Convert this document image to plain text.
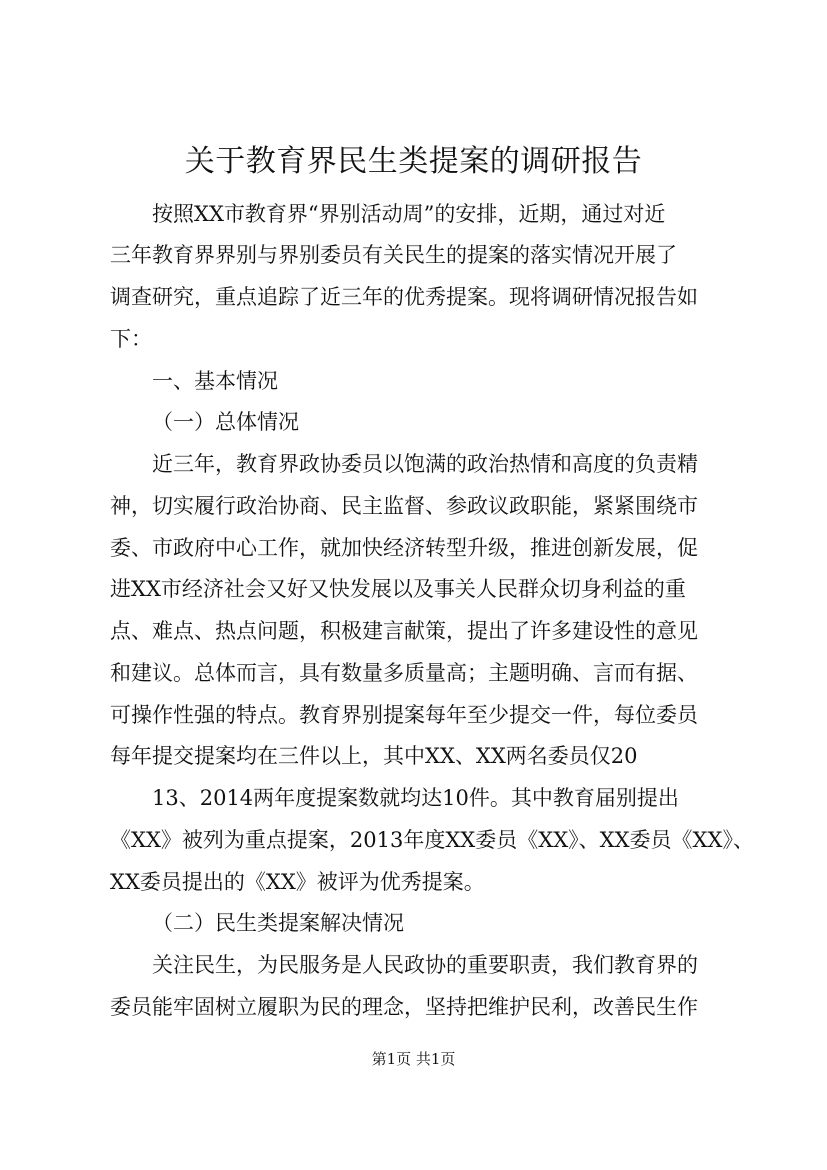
关于教育界民生类提案的调研报告
按照XX市教育界“界别活动周”的安排，近期，通过对近
三年教育界界别与界别委员有关民生的提案的落实情况开展了
调查研究，重点追踪了近三年的优秀提案。现将调研情况报告如
下：
一、基本情况
（一）总体情况
近三年，教育界政协委员以饱满的政治热情和高度的负责精
神，切实履行政治协商、民主监督、参政议政职能，紧紧围绕市
委、市政府中心工作，就加快经济转型升级，推进创新发展，促
进XX市经济社会又好又快发展以及事关人民群众切身利益的重
点、难点、热点问题，积极建言献策，提出了许多建设性的意见
和建议。总体而言，具有数量多质量高；主题明确、言而有据、
可操作性强的特点。教育界别提案每年至少提交一件，每位委员
每年提交提案均在三件以上，其中XX、XX两名委员仅20
13、2014两年度提案数就均达10件。其中教育届别提出
《XX》被列为重点提案，2013年度XX委员《XX》、XX委员《XX》、
XX委员提出的《XX》被评为优秀提案。
（二）民生类提案解决情况
关注民生，为民服务是人民政协的重要职责，我们教育界的
委员能牢固树立履职为民的理念，坚持把维护民利，改善民生作
第1页 共1页
